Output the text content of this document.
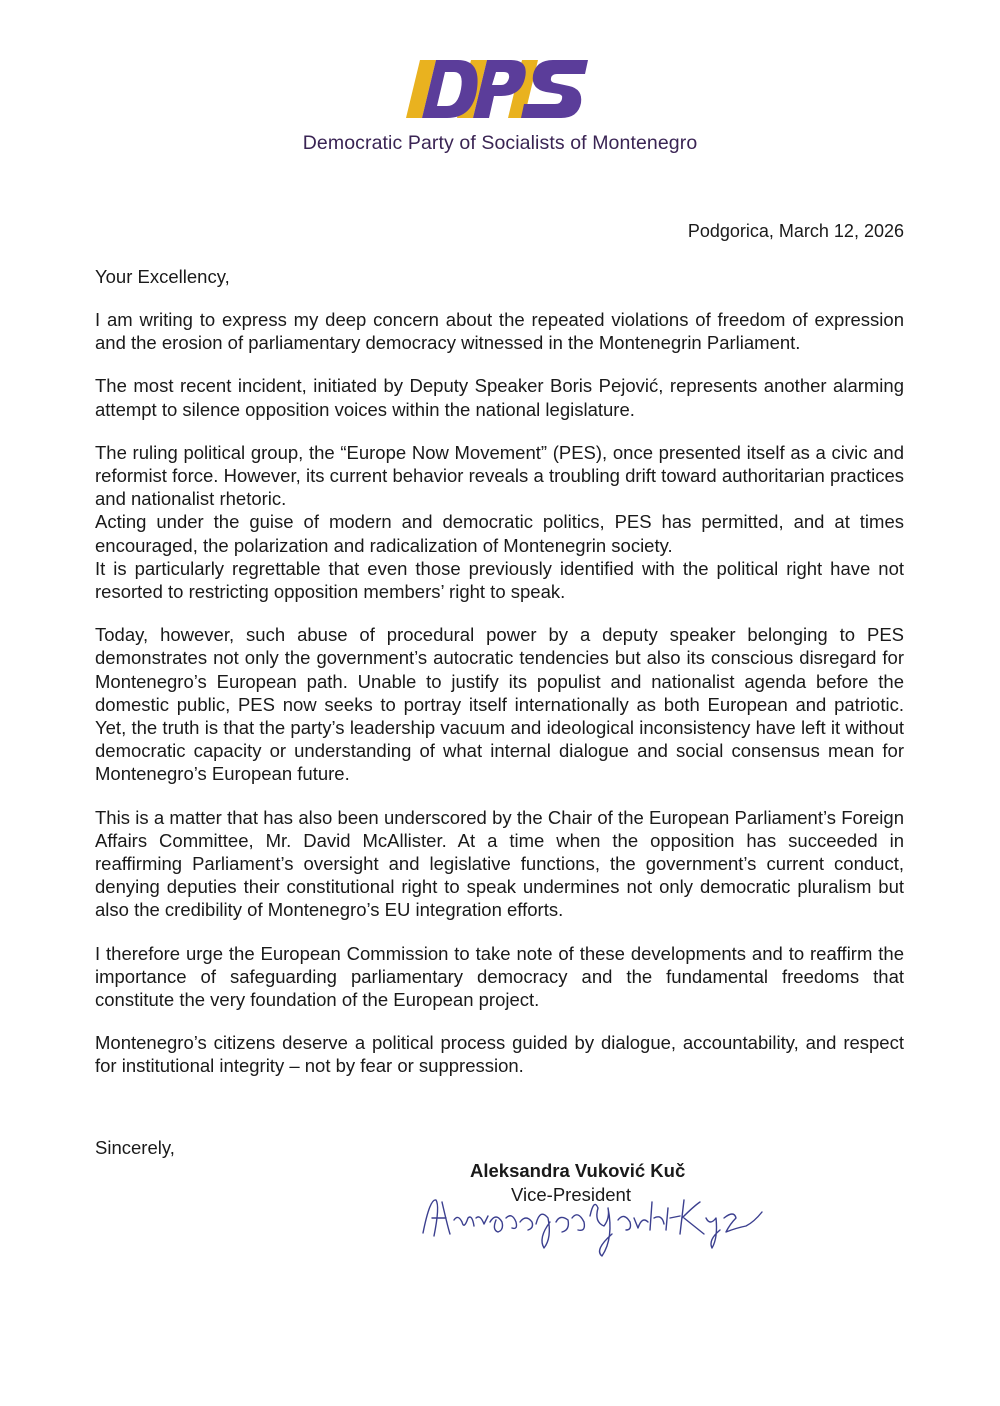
Democratic Party of Socialists of Montenegro
Podgorica, March 12, 2026
Your Excellency,

I am writing to express my deep concern about the repeated violations of freedom of expression and the erosion of parliamentary democracy witnessed in the Montenegrin Parliament.

The most recent incident, initiated by Deputy Speaker Boris Pejović, represents another alarming attempt to silence opposition voices within the national legislature.

The ruling political group, the “Europe Now Movement” (PES), once presented itself as a civic and reformist force. However, its current behavior reveals a troubling drift toward authoritarian practices and nationalist rhetoric.

Acting under the guise of modern and democratic politics, PES has permitted, and at times encouraged, the polarization and radicalization of Montenegrin society.

It is particularly regrettable that even those previously identified with the political right have not resorted to restricting opposition members’ right to speak.

Today, however, such abuse of procedural power by a deputy speaker belonging to PES demonstrates not only the government’s autocratic tendencies but also its conscious disregard for Montenegro’s European path. Unable to justify its populist and nationalist agenda before the domestic public, PES now seeks to portray itself internationally as both European and patriotic. Yet, the truth is that the party’s leadership vacuum and ideological inconsistency have left it without democratic capacity or understanding of what internal dialogue and social consensus mean for Montenegro’s European future.

This is a matter that has also been underscored by the Chair of the European Parliament’s Foreign Affairs Committee, Mr. David McAllister. At a time when the opposition has succeeded in reaffirming Parliament’s oversight and legislative functions, the government’s current conduct, denying deputies their constitutional right to speak undermines not only democratic pluralism but also the credibility of Montenegro’s EU integration efforts.

I therefore urge the European Commission to take note of these developments and to reaffirm the importance of safeguarding parliamentary democracy and the fundamental freedoms that constitute the very foundation of the European project.

Montenegro’s citizens deserve a political process guided by dialogue, accountability, and respect for institutional integrity – not by fear or suppression.

Sincerely,
Aleksandra Vuković Kuč
Vice-President
